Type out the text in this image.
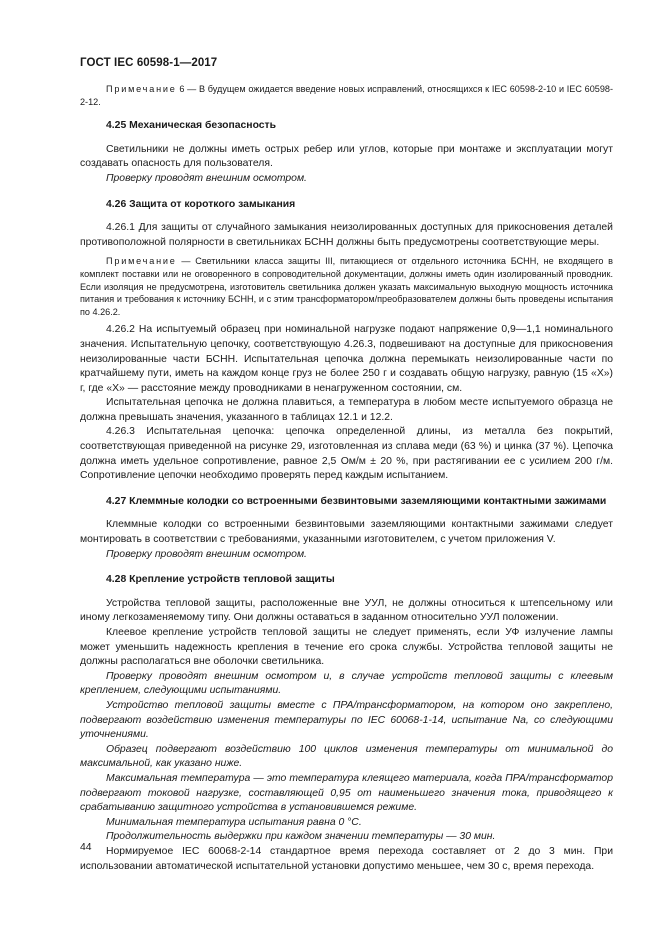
ГОСТ IEC 60598-1—2017

Примечание 6 — В будущем ожидается введение новых исправлений, относящихся к IEC 60598-2-10 и IEC 60598-2-12.

4.25 Механическая безопасность

Светильники не должны иметь острых ребер или углов, которые при монтаже и эксплуатации могут создавать опасность для пользователя.

Проверку проводят внешним осмотром.

4.26 Защита от короткого замыкания

4.26.1 Для защиты от случайного замыкания неизолированных доступных для прикосновения деталей противоположной полярности в светильниках БСНН должны быть предусмотрены соответствующие меры.

Примечание — Светильники класса защиты III, питающиеся от отдельного источника БСНН, не входящего в комплект поставки или не оговоренного в сопроводительной документации, должны иметь один изолированный проводник. Если изоляция не предусмотрена, изготовитель светильника должен указать максимальную выходную мощность источника питания и требования к источнику БСНН, и с этим трансформатором/преобразователем должны быть проведены испытания по 4.26.2.

4.26.2 На испытуемый образец при номинальной нагрузке подают напряжение 0,9—1,1 номинального значения. Испытательную цепочку, соответствующую 4.26.3, подвешивают на доступные для прикосновения неизолированные части БСНН. Испытательная цепочка должна перемыкать неизолированные части по кратчайшему пути, иметь на каждом конце груз не более 250 г и создавать общую нагрузку, равную (15 «X») г, где «X» — расстояние между проводниками в ненагруженном состоянии, см.

Испытательная цепочка не должна плавиться, а температура в любом месте испытуемого образца не должна превышать значения, указанного в таблицах 12.1 и 12.2.

4.26.3 Испытательная цепочка: цепочка определенной длины, из металла без покрытий, соответствующая приведенной на рисунке 29, изготовленная из сплава меди (63 %) и цинка (37 %). Цепочка должна иметь удельное сопротивление, равное 2,5 Ом/м ± 20 %, при растягивании ее с усилием 200 г/м. Сопротивление цепочки необходимо проверять перед каждым испытанием.

4.27 Клеммные колодки со встроенными безвинтовыми заземляющими контактными зажимами

Клеммные колодки со встроенными безвинтовыми заземляющими контактными зажимами следует монтировать в соответствии с требованиями, указанными изготовителем, с учетом приложения V.

Проверку проводят внешним осмотром.

4.28 Крепление устройств тепловой защиты

Устройства тепловой защиты, расположенные вне УУЛ, не должны относиться к штепсельному или иному легкозаменяемому типу. Они должны оставаться в заданном относительно УУЛ положении.

Клеевое крепление устройств тепловой защиты не следует применять, если УФ излучение лампы может уменьшить надежность крепления в течение его срока службы. Устройства тепловой защиты не должны располагаться вне оболочки светильника.

Проверку проводят внешним осмотром и, в случае устройств тепловой защиты с клеевым креплением, следующими испытаниями.

Устройство тепловой защиты вместе с ПРА/трансформатором, на котором оно закреплено, подвергают воздействию изменения температуры по IEC 60068-1-14, испытание Na, со следующими уточнениями.

Образец подвергают воздействию 100 циклов изменения температуры от минимальной до максимальной, как указано ниже.

Максимальная температура — это температура клеящего материала, когда ПРА/трансформатор подвергают токовой нагрузке, составляющей 0,95 от наименьшего значения тока, приводящего к срабатыванию защитного устройства в установившемся режиме.

Минимальная температура испытания равна 0 °С.

Продолжительность выдержки при каждом значении температуры — 30 мин.

Нормируемое IEC 60068-2-14 стандартное время перехода составляет от 2 до 3 мин. При использовании автоматической испытательной установки допустимо меньшее, чем 30 с, время перехода.

44
